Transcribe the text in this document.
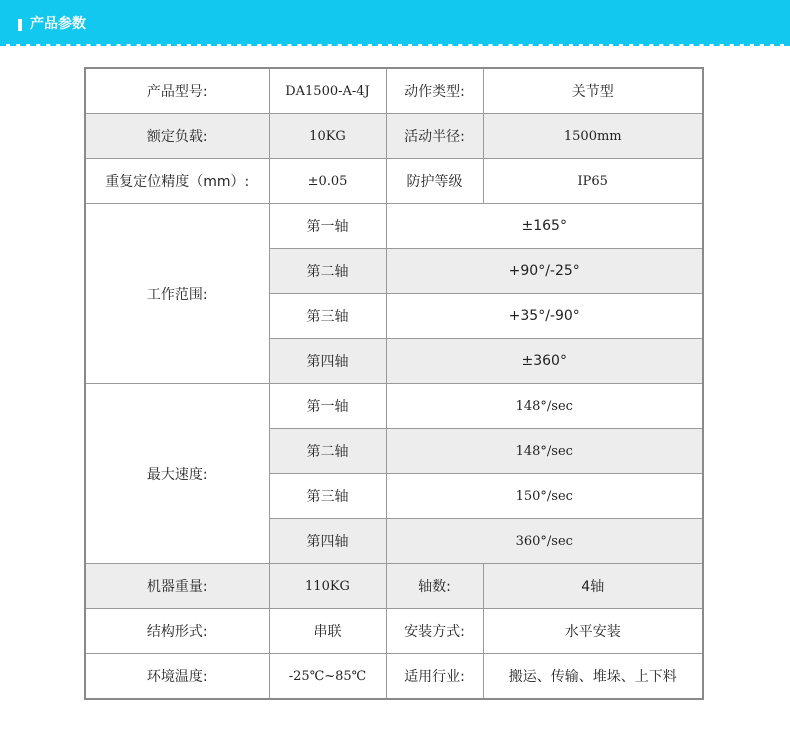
产品参数
产品型号:	DA1500-A-4J	动作类型:	关节型
额定负载:	10KG	活动半径:	1500mm
重复定位精度（mm）:	±0.05	防护等级	IP65
工作范围:	第一轴	±165°	
	第二轴	+90°/-25°	
	第三轴	+35°/-90°	
	第四轴	±360°	
最大速度:	第一轴	148°/sec	
	第二轴	148°/sec	
	第三轴	150°/sec	
	第四轴	360°/sec	
机器重量:	110KG	轴数:	4轴
结构形式:	串联	安装方式:	水平安装
环境温度:	-25℃~85℃	适用行业:	搬运、传输、堆垛、上下料
